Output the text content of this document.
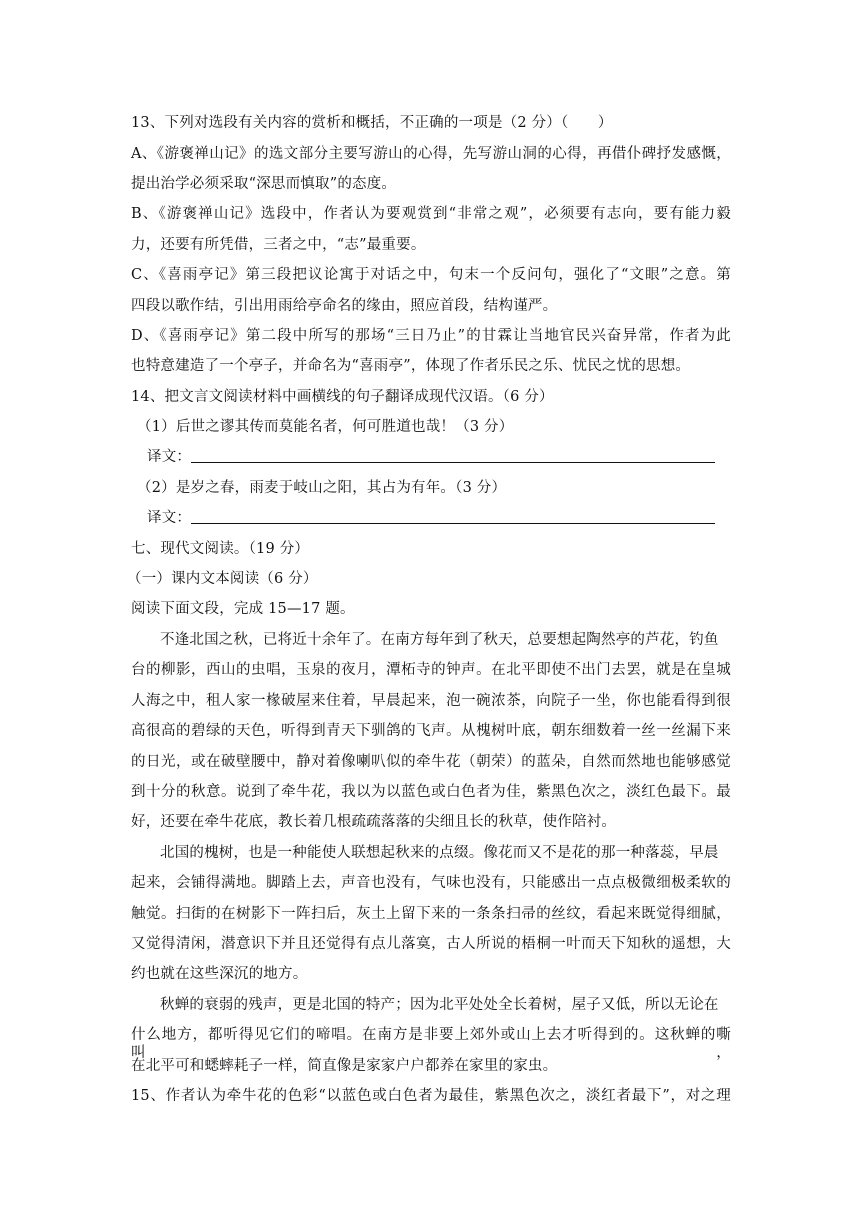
13、下列对选段有关内容的赏析和概括，不正确的一项是（2 分）（　　）
A、《游褒禅山记》的选文部分主要写游山的心得，先写游山洞的心得，再借仆碑抒发感慨，
提出治学必须采取“深思而慎取”的态度。
B、《游褒禅山记》选段中，作者认为要观赏到“非常之观”，必须要有志向，要有能力毅
力，还要有所凭借，三者之中，“志”最重要。
C、《喜雨亭记》第三段把议论寓于对话之中，句末一个反问句，强化了“文眼”之意。第
四段以歌作结，引出用雨给亭命名的缘由，照应首段，结构谨严。
D、《喜雨亭记》第二段中所写的那场“三日乃止”的甘霖让当地官民兴奋异常，作者为此
也特意建造了一个亭子，并命名为“喜雨亭”，体现了作者乐民之乐、忧民之忧的思想。
14、把文言文阅读材料中画横线的句子翻译成现代汉语。（6 分）
（1）后世之谬其传而莫能名者，何可胜道也哉！（3 分）
译文：
（2）是岁之春，雨麦于岐山之阳，其占为有年。（3 分）
译文：
七、现代文阅读。（19 分）
（一）课内文本阅读（6 分）
阅读下面文段，完成 15—17 题。
不逢北国之秋，已将近十余年了。在南方每年到了秋天，总要想起陶然亭的芦花，钓鱼
台的柳影，西山的虫唱，玉泉的夜月，潭柘寺的钟声。在北平即使不出门去罢，就是在皇城
人海之中，租人家一椽破屋来住着，早晨起来，泡一碗浓茶，向院子一坐，你也能看得到很
高很高的碧绿的天色，听得到青天下驯鸽的飞声。从槐树叶底，朝东细数着一丝一丝漏下来
的日光，或在破壁腰中，静对着像喇叭似的牵牛花（朝荣）的蓝朵，自然而然地也能够感觉
到十分的秋意。说到了牵牛花，我以为以蓝色或白色者为佳，紫黑色次之，淡红色最下。最
好，还要在牵牛花底，教长着几根疏疏落落的尖细且长的秋草，使作陪衬。
北国的槐树，也是一种能使人联想起秋来的点缀。像花而又不是花的那一种落蕊，早晨
起来，会铺得满地。脚踏上去，声音也没有，气味也没有，只能感出一点点极微细极柔软的
触觉。扫街的在树影下一阵扫后，灰土上留下来的一条条扫帚的丝纹，看起来既觉得细腻，
又觉得清闲，潜意识下并且还觉得有点儿落寞，古人所说的梧桐一叶而天下知秋的遥想，大
约也就在这些深沉的地方。
秋蝉的衰弱的残声，更是北国的特产；因为北平处处全长着树，屋子又低，所以无论在
什么地方，都听得见它们的啼唱。在南方是非要上郊外或山上去才听得到的。这秋蝉的嘶叫，
在北平可和蟋蟀耗子一样，简直像是家家户户都养在家里的家虫。
15、作者认为牵牛花的色彩“以蓝色或白色者为最佳，紫黑色次之，淡红者最下”，对之理
